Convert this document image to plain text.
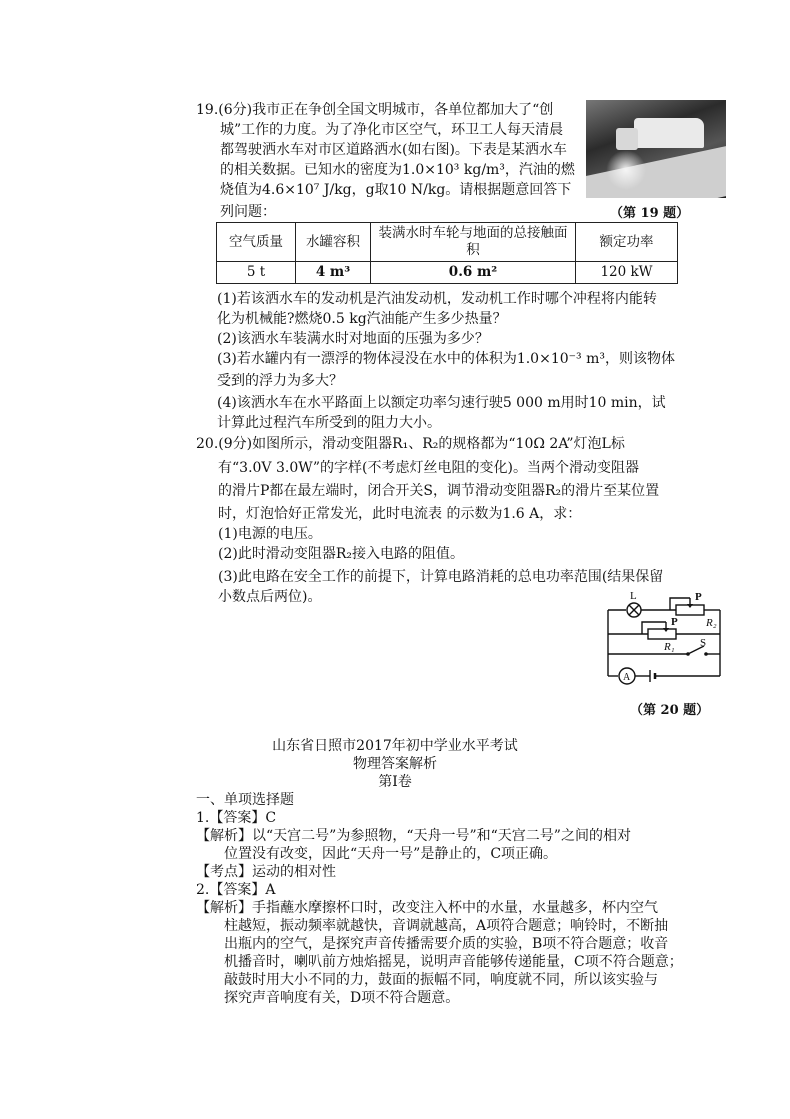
19.(6分)我市正在争创全国文明城市，各单位都加大了“创
城”工作的力度。为了净化市区空气，环卫工人每天清晨
都驾驶洒水车对市区道路洒水(如右图)。下表是某洒水车
的相关数据。已知水的密度为1.0×10³ kg/m³，汽油的燃
烧值为4.6×10⁷ J/kg，g取10 N/kg。请根据题意回答下
列问题：	（第 19 题）
空气质量	水罐容积	装满水时车轮与地面的总接触面积	额定功率
5 t	4 m³	0.6 m²	120 kW
(1)若该洒水车的发动机是汽油发动机，发动机工作时哪个冲程将内能转
化为机械能?燃烧0.5 kg汽油能产生多少热量？
(2)该洒水车装满水时对地面的压强为多少？
(3)若水罐内有一漂浮的物体浸没在水中的体积为1.0×10⁻³ m³，则该物体
受到的浮力为多大？
(4)该洒水车在水平路面上以额定功率匀速行驶5 000 m用时10 min，试
计算此过程汽车所受到的阻力大小。
20.(9分)如图所示，滑动变阻器R₁、R₂的规格都为“10Ω 2A”灯泡L标
有“3.0V 3.0W”的字样(不考虑灯丝电阻的变化)。当两个滑动变阻器
的滑片P都在最左端时，闭合开关S，调节滑动变阻器R₂的滑片至某位置
时，灯泡恰好正常发光，此时电流表 的示数为1.6 A，求：
(1)电源的电压。
(2)此时滑动变阻器R₂接入电路的阻值。
(3)此电路在安全工作的前提下，计算电路消耗的总电功率范围(结果保留
小数点后两位)。	L	P
R₂
P
R₁ S
A
（第 20 题）
山东省日照市2017年初中学业水平考试
物理答案解析
第Ⅰ卷
一、单项选择题
1.【答案】C
【解析】以“天宫二号”为参照物，“天舟一号”和“天宫二号”之间的相对
位置没有改变，因此“天舟一号”是静止的，C项正确。
【考点】运动的相对性
2.【答案】A
【解析】手指蘸水摩擦杯口时，改变注入杯中的水量，水量越多，杯内空气
柱越短，振动频率就越快，音调就越高，A项符合题意；响铃时，不断抽
出瓶内的空气，是探究声音传播需要介质的实验，B项不符合题意；收音
机播音时，喇叭前方烛焰摇晃，说明声音能够传递能量，C项不符合题意；
敲鼓时用大小不同的力，鼓面的振幅不同，响度就不同，所以该实验与
探究声音响度有关，D项不符合题意。
